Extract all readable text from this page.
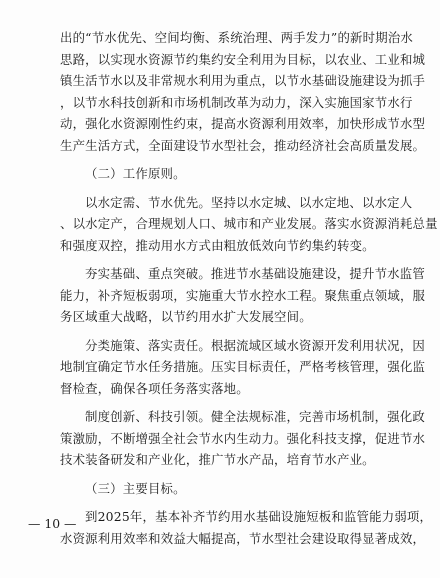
出的“节水优先、空间均衡、系统治理、两手发力”的新时期治水
思路，以实现水资源节约集约安全利用为目标，以农业、工业和城
镇生活节水以及非常规水利用为重点，以节水基础设施建设为抓手
，以节水科技创新和市场机制改革为动力，深入实施国家节水行
动，强化水资源刚性约束，提高水资源利用效率，加快形成节水型
生产生活方式，全面建设节水型社会，推动经济社会高质量发展。
（二）工作原则。
以水定需、节水优先。坚持以水定城、以水定地、以水定人
、以水定产，合理规划人口、城市和产业发展。落实水资源消耗总量
和强度双控，推动用水方式由粗放低效向节约集约转变。
夯实基础、重点突破。推进节水基础设施建设，提升节水监管
能力，补齐短板弱项，实施重大节水控水工程。聚焦重点领域，服
务区域重大战略，以节约用水扩大发展空间。
分类施策、落实责任。根据流域区域水资源开发利用状况，因
地制宜确定节水任务措施。压实目标责任，严格考核管理，强化监
督检查，确保各项任务落实落地。
制度创新、科技引领。健全法规标准，完善市场机制，强化政
策激励，不断增强全社会节水内生动力。强化科技支撑，促进节水
技术装备研发和产业化，推广节水产品，培育节水产业。
（三）主要目标。
到2025年，基本补齐节约用水基础设施短板和监管能力弱项，
水资源利用效率和效益大幅提高，节水型社会建设取得显著成效，
— 10 —
